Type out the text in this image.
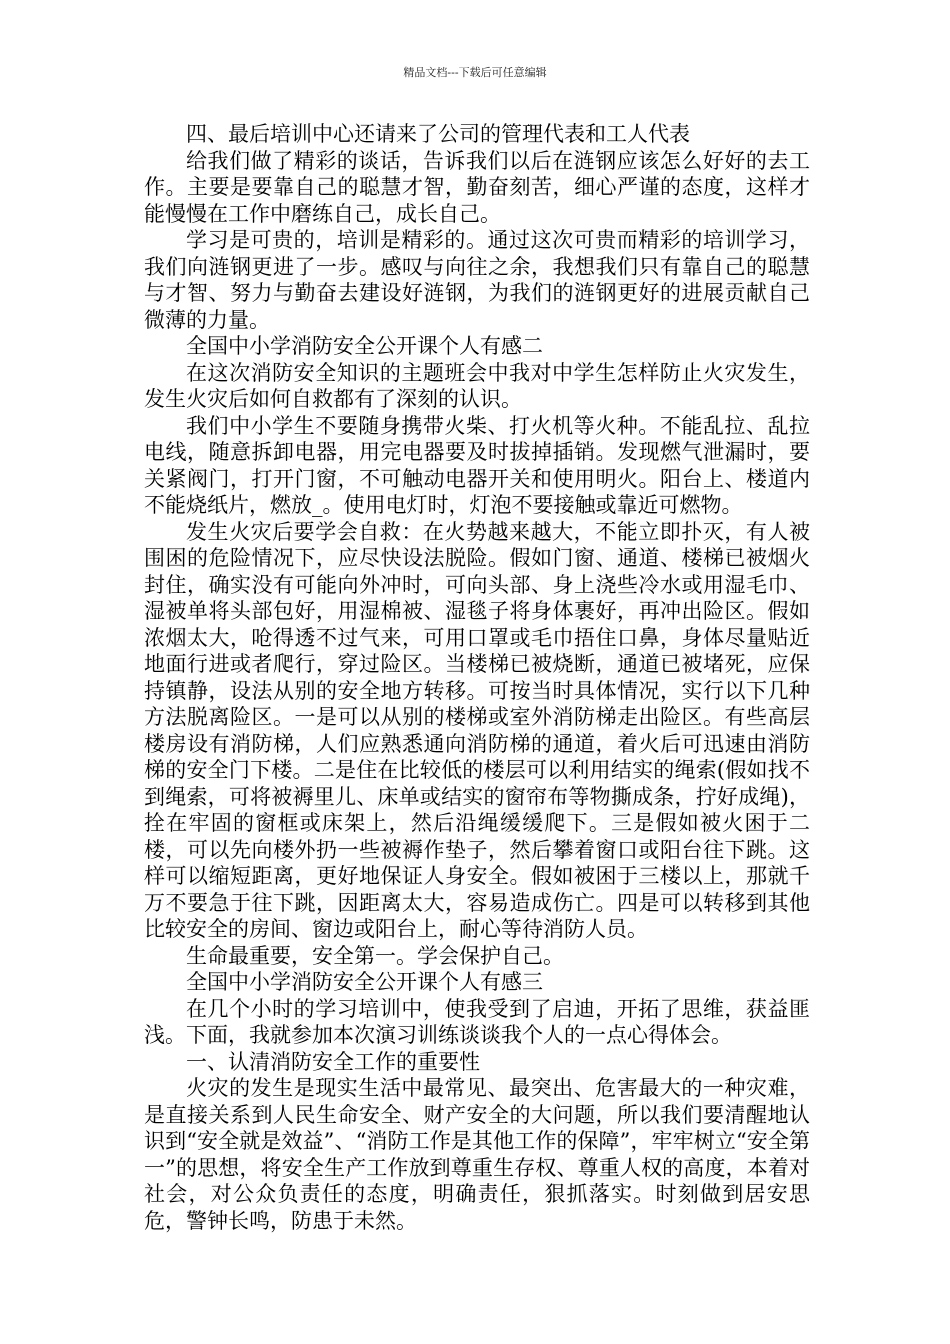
精品文档---下载后可任意编辑

四、最后培训中心还请来了公司的管理代表和工人代表

给我们做了精彩的谈话，告诉我们以后在涟钢应该怎么好好的去工作。主要是要靠自己的聪慧才智，勤奋刻苦，细心严谨的态度，这样才能慢慢在工作中磨练自己，成长自己。

学习是可贵的，培训是精彩的。通过这次可贵而精彩的培训学习，我们向涟钢更进了一步。感叹与向往之余，我想我们只有靠自己的聪慧与才智、努力与勤奋去建设好涟钢，为我们的涟钢更好的进展贡献自己微薄的力量。

全国中小学消防安全公开课个人有感二

在这次消防安全知识的主题班会中我对中学生怎样防止火灾发生，发生火灾后如何自救都有了深刻的认识。

我们中小学生不要随身携带火柴、打火机等火种。不能乱拉、乱拉电线，随意拆卸电器，用完电器要及时拔掉插销。发现燃气泄漏时，要关紧阀门，打开门窗，不可触动电器开关和使用明火。阳台上、楼道内不能烧纸片，燃放_。使用电灯时，灯泡不要接触或靠近可燃物。

发生火灾后要学会自救：在火势越来越大，不能立即扑灭，有人被围困的危险情况下，应尽快设法脱险。假如门窗、通道、楼梯已被烟火封住，确实没有可能向外冲时，可向头部、身上浇些冷水或用湿毛巾、湿被单将头部包好，用湿棉被、湿毯子将身体裹好，再冲出险区。假如浓烟太大，呛得透不过气来，可用口罩或毛巾捂住口鼻，身体尽量贴近地面行进或者爬行，穿过险区。当楼梯已被烧断，通道已被堵死，应保持镇静，设法从别的安全地方转移。可按当时具体情况，实行以下几种方法脱离险区。一是可以从别的楼梯或室外消防梯走出险区。有些高层楼房设有消防梯，人们应熟悉通向消防梯的通道，着火后可迅速由消防梯的安全门下楼。二是住在比较低的楼层可以利用结实的绳索(假如找不到绳索，可将被褥里儿、床单或结实的窗帘布等物撕成条，拧好成绳)，拴在牢固的窗框或床架上，然后沿绳缓缓爬下。三是假如被火困于二楼，可以先向楼外扔一些被褥作垫子，然后攀着窗口或阳台往下跳。这样可以缩短距离，更好地保证人身安全。假如被困于三楼以上，那就千万不要急于往下跳，因距离太大，容易造成伤亡。四是可以转移到其他比较安全的房间、窗边或阳台上，耐心等待消防人员。

生命最重要，安全第一。学会保护自己。

全国中小学消防安全公开课个人有感三

在几个小时的学习培训中，使我受到了启迪，开拓了思维，获益匪浅。下面，我就参加本次演习训练谈谈我个人的一点心得体会。

一、认清消防安全工作的重要性

火灾的发生是现实生活中最常见、最突出、危害最大的一种灾难，是直接关系到人民生命安全、财产安全的大问题，所以我们要清醒地认识到“安全就是效益”、“消防工作是其他工作的保障”，牢牢树立“安全第一”的思想，将安全生产工作放到尊重生存权、尊重人权的高度，本着对社会，对公众负责任的态度，明确责任，狠抓落实。时刻做到居安思危，警钟长鸣，防患于未然。
